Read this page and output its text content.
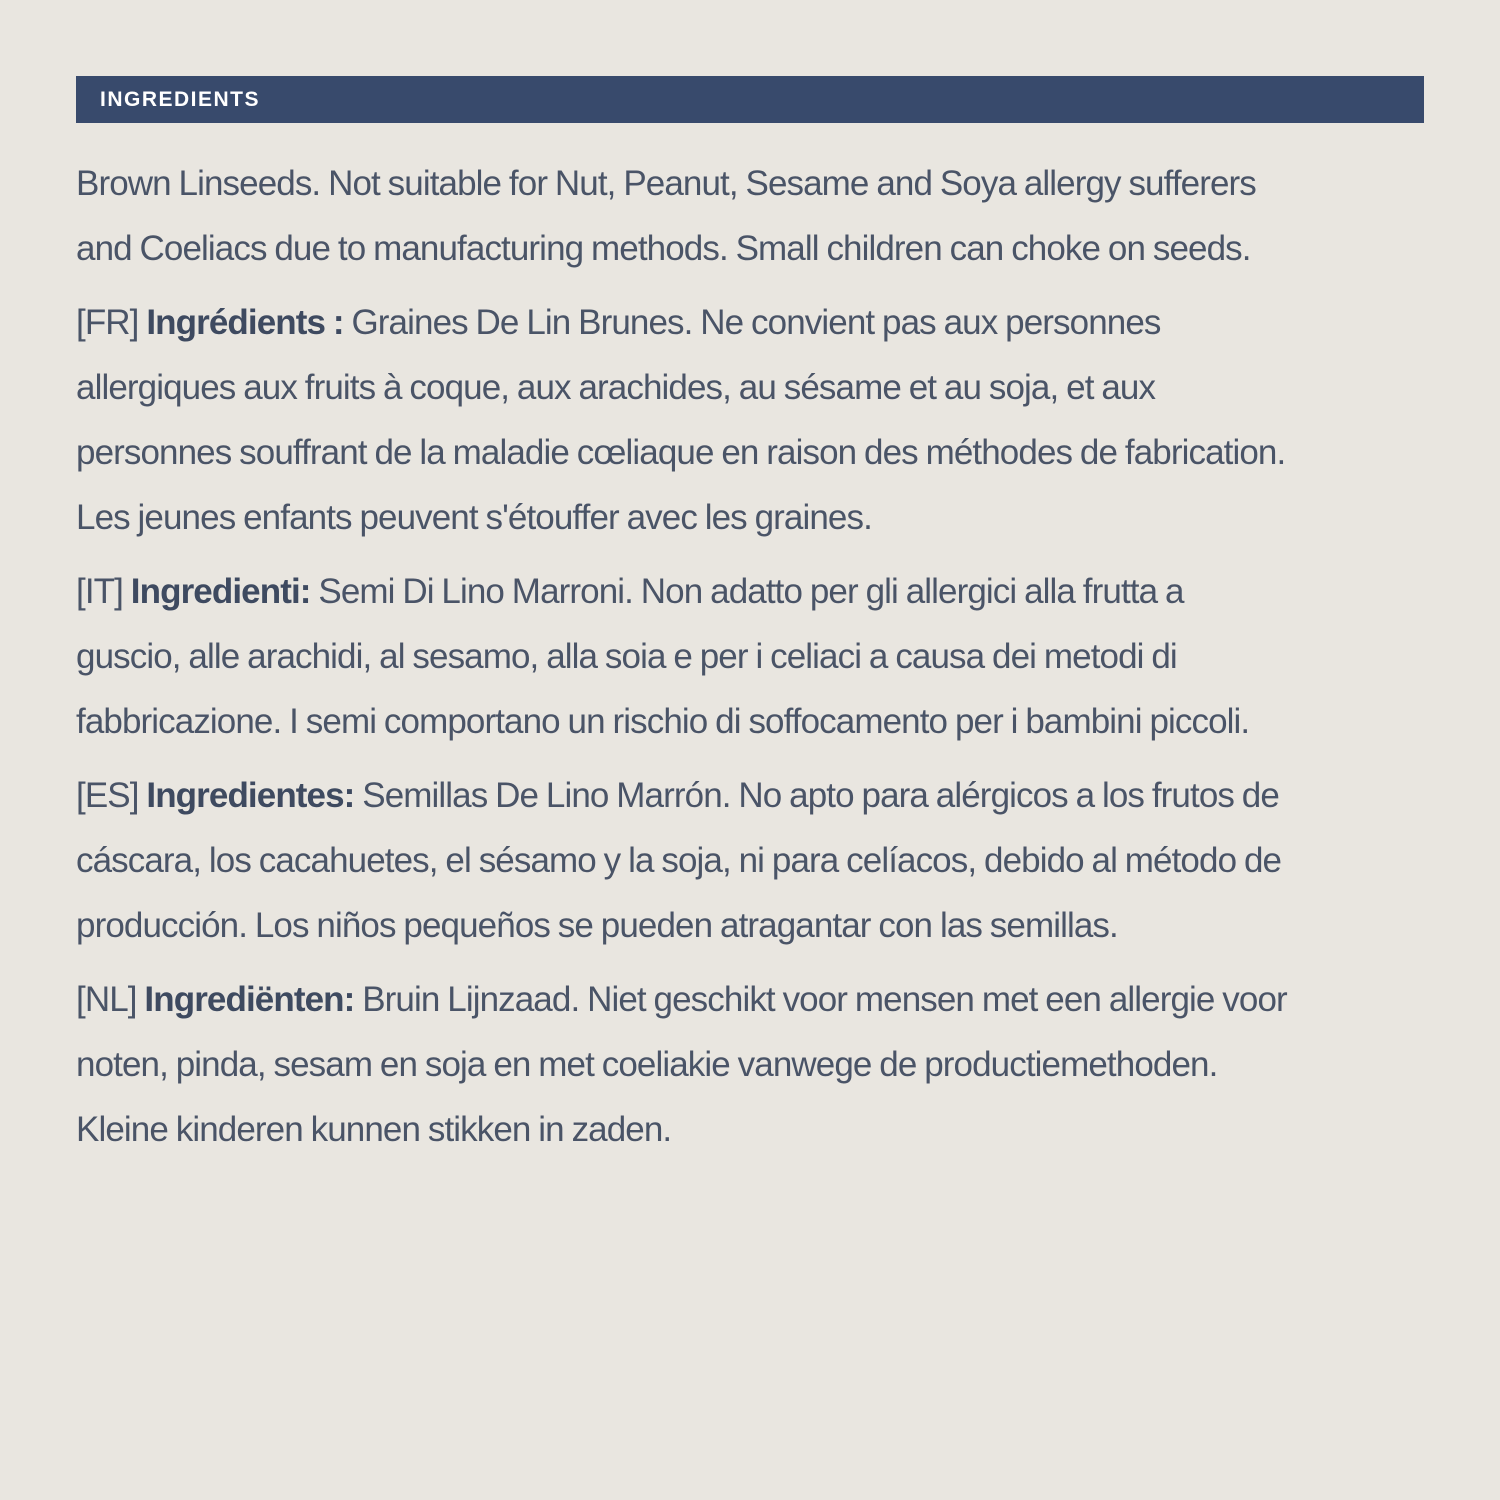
INGREDIENTS

Brown Linseeds. Not suitable for Nut, Peanut, Sesame and Soya allergy sufferers
and Coeliacs due to manufacturing methods. Small children can choke on seeds.

[FR] Ingrédients : Graines De Lin Brunes. Ne convient pas aux personnes
allergiques aux fruits à coque, aux arachides, au sésame et au soja, et aux
personnes souffrant de la maladie cœliaque en raison des méthodes de fabrication.
Les jeunes enfants peuvent s'étouffer avec les graines.

[IT] Ingredienti: Semi Di Lino Marroni. Non adatto per gli allergici alla frutta a
guscio, alle arachidi, al sesamo, alla soia e per i celiaci a causa dei metodi di
fabbricazione. I semi comportano un rischio di soffocamento per i bambini piccoli.

[ES] Ingredientes: Semillas De Lino Marrón. No apto para alérgicos a los frutos de
cáscara, los cacahuetes, el sésamo y la soja, ni para celíacos, debido al método de
producción. Los niños pequeños se pueden atragantar con las semillas.

[NL] Ingrediënten: Bruin Lijnzaad. Niet geschikt voor mensen met een allergie voor
noten, pinda, sesam en soja en met coeliakie vanwege de productiemethoden.
Kleine kinderen kunnen stikken in zaden.
